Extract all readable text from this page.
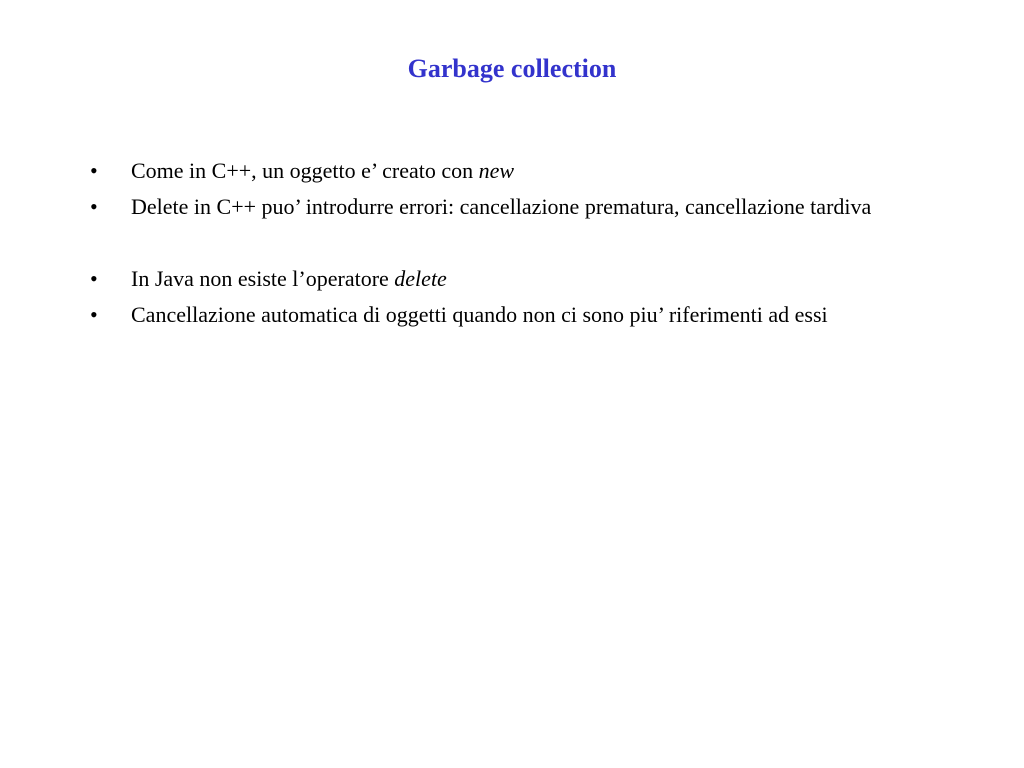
Garbage collection
• Come in C++, un oggetto e’ creato con new
• Delete in C++ puo’ introdurre errori: cancellazione prematura, cancellazione tardiva
• In Java non esiste l’operatore delete
• Cancellazione automatica di oggetti quando non ci sono piu’ riferimenti ad essi
